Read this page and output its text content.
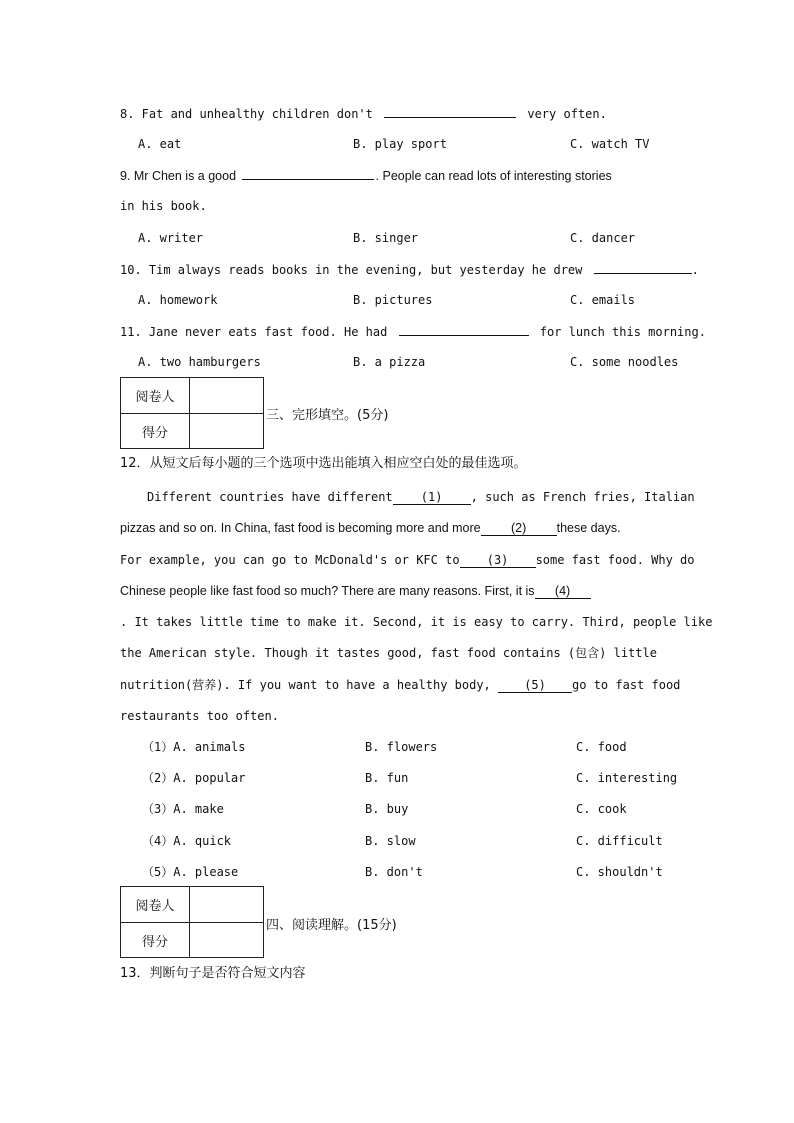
8. Fat and unhealthy children don't	very often.
A. eat	B. play sport	C. watch TV
9. Mr Chen is a good	. People can read lots of interesting stories
in his book.
A. writer	B. singer	C. dancer
10. Tim always reads books in the evening, but yesterday he drew	.
A. homework	B. pictures	C. emails
11. Jane never eats fast food. He had	for lunch this morning.
A. two hamburgers	B. a pizza	C. some noodles
阅卷人
得分
三、完形填空。(5分)
12．从短文后每小题的三个选项中选出能填入相应空白处的最佳选项。
Different countries have different (1) , such as French fries, Italian
pizzas and so on. In China, fast food is becoming more and more (2) these days.
For example, you can go to McDonald's or KFC to (3) some fast food. Why do
Chinese people like fast food so much? There are many reasons. First, it is (4)
. It takes little time to make it. Second, it is easy to carry. Third, people like
the American style. Though it tastes good, fast food contains (包含) little
nutrition(营养). If you want to have a healthy body,	(5) go to fast food
restaurants too often.
（1）A. animals	B. flowers	C. food
（2）A. popular	B. fun	C. interesting
（3）A. make	B. buy	C. cook
（4）A. quick	B. slow	C. difficult
（5）A. please	B. don't	C. shouldn't
阅卷人
得分
四、阅读理解。(15分)
13．判断句子是否符合短文内容
